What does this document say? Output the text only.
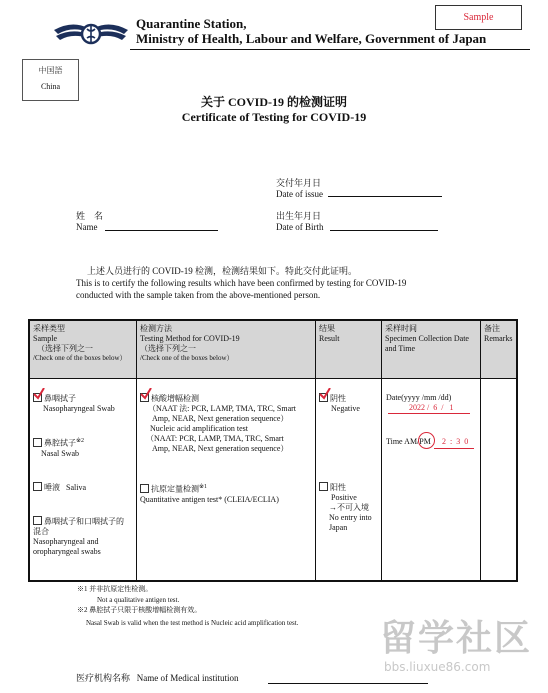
Quarantine Station,
Ministry of Health, Labour and Welfare, Government of Japan
Sample
中国語
China
关于 COVID-19 的检测证明
Certificate of Testing for COVID-19
交付年月日
Date of issue
姓    名
Name
出生年月日
Date of Birth
上述人员进行的 COVID-19 检测，检测结果如下。特此交付此证明。
This is to certify the following results which have been confirmed by testing for COVID-19
conducted with the sample taken from the above-mentioned person.
采样类型
Sample
（选择下列之一
/Check one of the boxes below）
检测方法
Testing Method for COVID-19
（选择下列之一
/Check one of the boxes below）
结果
Result
采样时间
Specimen Collection Date and Time
备注
Remarks
鼻咽拭子
Nasopharyngeal Swab
鼻腔拭子$^{※2}$
Nasal Swab
唾液 Saliva
鼻咽拭子和口咽拭子的
混合
Nasopharyngeal and
oropharyngeal swabs
核酸增幅检测
（NAAT 法: PCR, LAMP, TMA, TRC, Smart
Amp, NEAR, Next generation sequence）
Nucleic acid amplification test
（NAAT: PCR, LAMP, TMA, TRC, Smart
Amp, NEAR, Next generation sequence）
抗原定量检测$^{※1}$
Quantitative antigen test* (CLEIA/ECLIA)
阴性
Negative
阳性
Positive
→不可入境
No entry into
Japan
Date(yyyy /mm /dd)
2022 /  6  /   1
Time AM/PM 2 : 3 0
※1 并非抗原定性检测。
Not a qualitative antigen test.
※2 鼻腔拭子只限于核酸增幅检测有效。
Nasal Swab is valid when the test method is Nucleic acid amplification test.
医疗机构名称 Name of Medical institution
留学社区
bbs.liuxue86.com
